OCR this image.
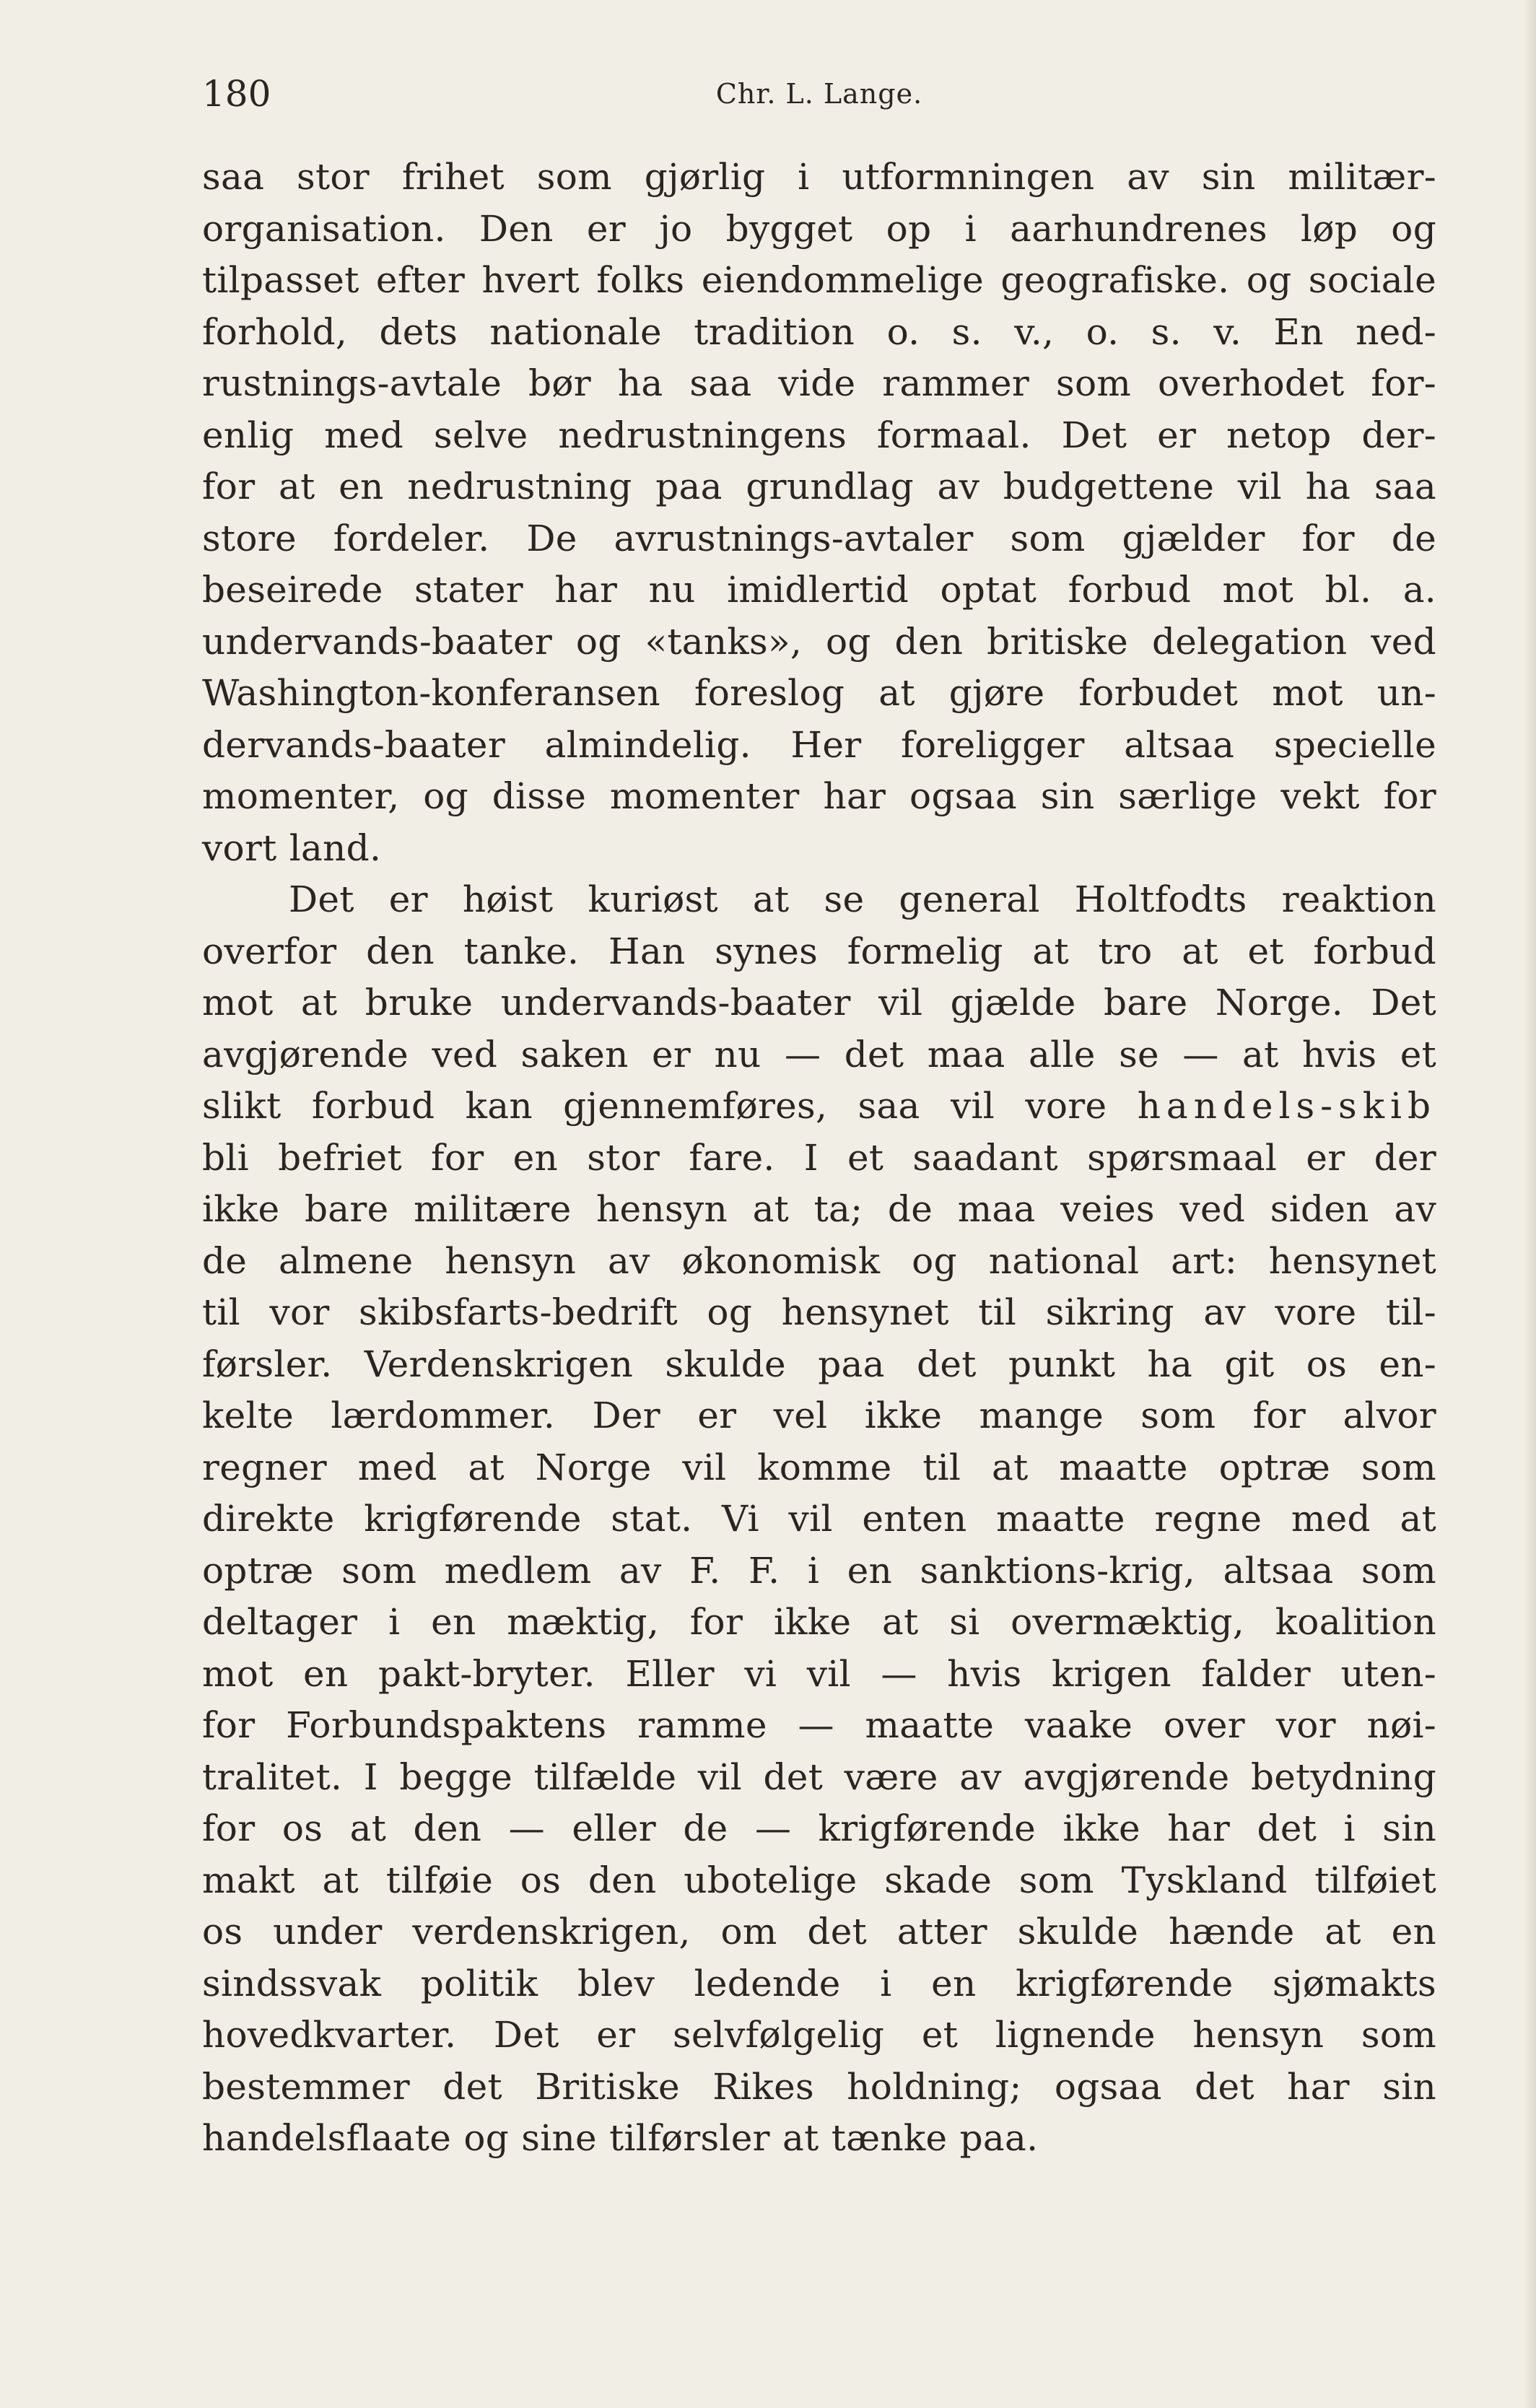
180	Chr. L. Lange.
saa stor frihet som gjørlig i utformningen av sin militær-
organisation. Den er jo bygget op i aarhundrenes løp og
tilpasset efter hvert folks eiendommelige geografiske. og sociale
forhold, dets nationale tradition o. s. v., o. s. v. En ned-
rustnings-avtale bør ha saa vide rammer som overhodet for-
enlig med selve nedrustningens formaal. Det er netop der-
for at en nedrustning paa grundlag av budgettene vil ha saa
store fordeler. De avrustnings-avtaler som gjælder for de
beseirede stater har nu imidlertid optat forbud mot bl. a.
undervands-baater og «tanks», og den britiske delegation ved
Washington-konferansen foreslog at gjøre forbudet mot un-
dervands-baater almindelig. Her foreligger altsaa specielle
momenter, og disse momenter har ogsaa sin særlige vekt for
vort land.
Det er høist kuriøst at se general Holtfodts reaktion
overfor den tanke. Han synes formelig at tro at et forbud
mot at bruke undervands-baater vil gjælde bare Norge. Det
avgjørende ved saken er nu — det maa alle se — at hvis et
slikt forbud kan gjennemføres, saa vil vore handels-skib
bli befriet for en stor fare. I et saadant spørsmaal er der
ikke bare militære hensyn at ta; de maa veies ved siden av
de almene hensyn av økonomisk og national art: hensynet
til vor skibsfarts-bedrift og hensynet til sikring av vore til-
førsler. Verdenskrigen skulde paa det punkt ha git os en-
kelte lærdommer. Der er vel ikke mange som for alvor
regner med at Norge vil komme til at maatte optræ som
direkte krigførende stat. Vi vil enten maatte regne med at
optræ som medlem av F. F. i en sanktions-krig, altsaa som
deltager i en mæktig, for ikke at si overmæktig, koalition
mot en pakt-bryter. Eller vi vil — hvis krigen falder uten-
for Forbundspaktens ramme — maatte vaake over vor nøi-
tralitet. I begge tilfælde vil det være av avgjørende betydning
for os at den — eller de — krigførende ikke har det i sin
makt at tilføie os den ubotelige skade som Tyskland tilføiet
os under verdenskrigen, om det atter skulde hænde at en
sindssvak politik blev ledende i en krigførende sjømakts
hovedkvarter. Det er selvfølgelig et lignende hensyn som
bestemmer det Britiske Rikes holdning; ogsaa det har sin
handelsflaate og sine tilførsler at tænke paa.
